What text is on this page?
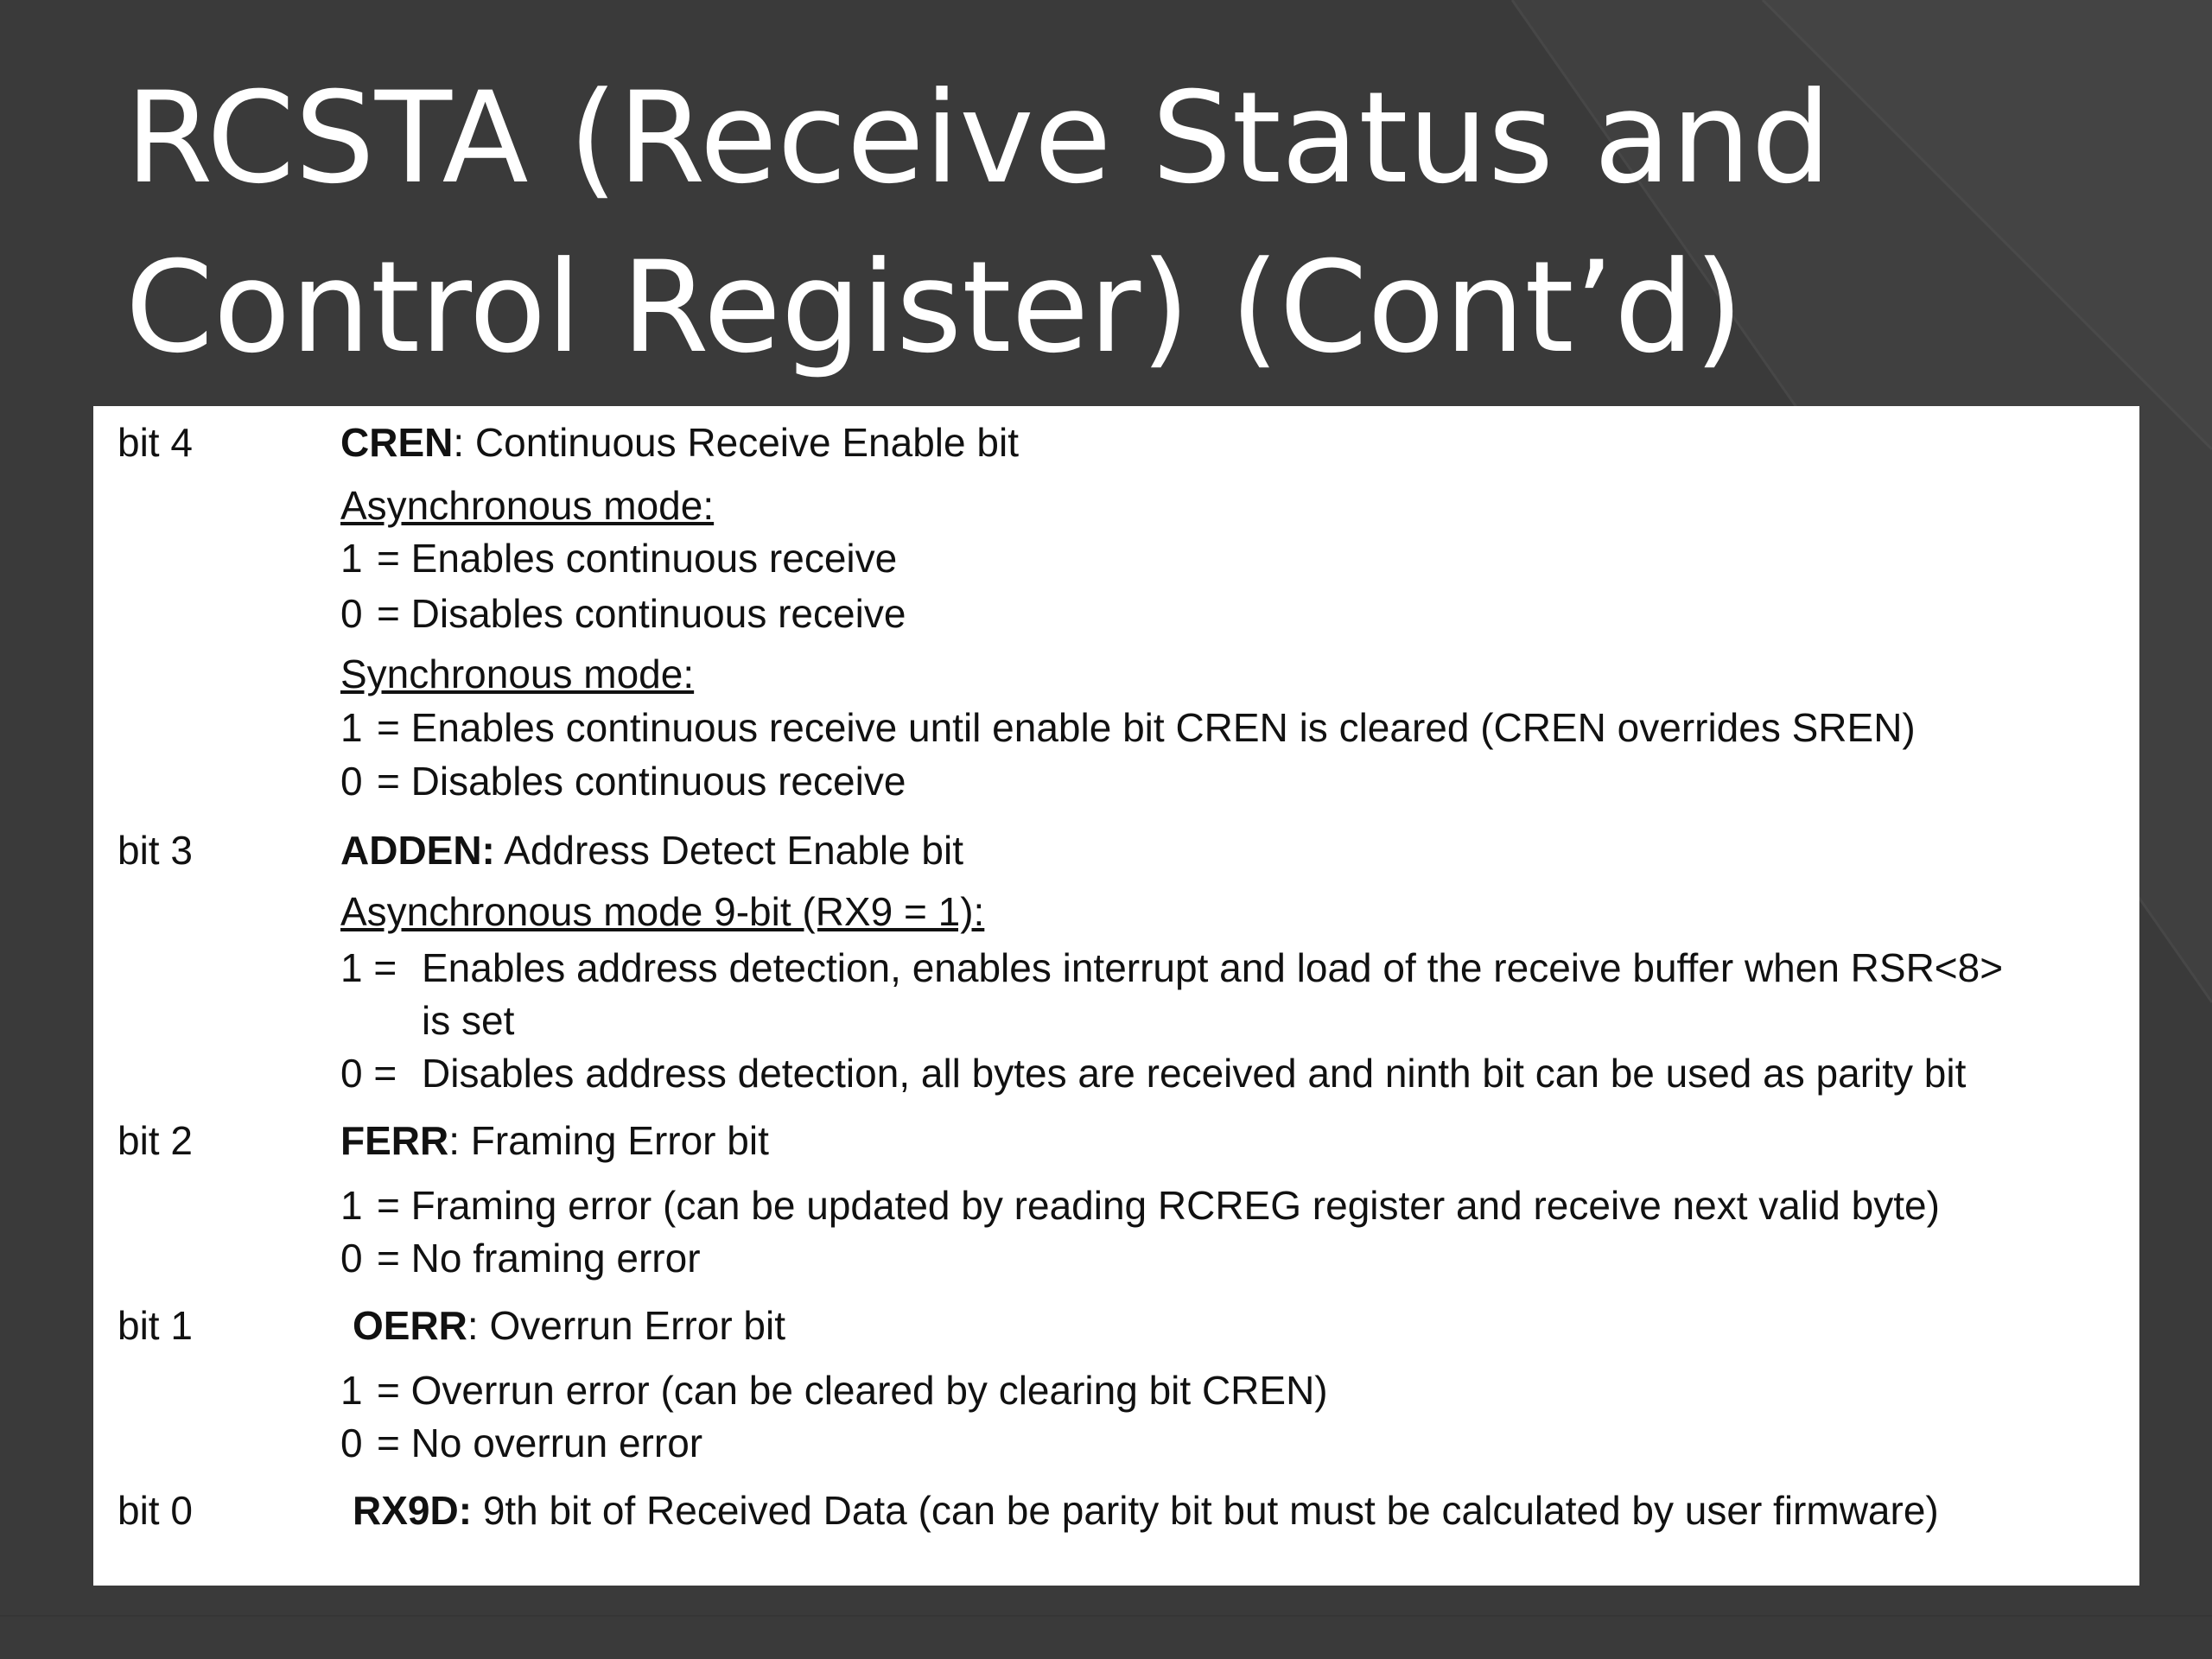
RCSTA (Receive Status and
Control Register) (Cont’d)
bit 4	CREN: Continuous Receive Enable bit
Asynchronous mode:
1 = Enables continuous receive
0 = Disables continuous receive
Synchronous mode:
1 = Enables continuous receive until enable bit CREN is cleared (CREN overrides SREN)
0 = Disables continuous receive
bit 3	ADDEN: Address Detect Enable bit
Asynchronous mode 9-bit (RX9 = 1):
1 = Enables address detection, enables interrupt and load of the receive buffer when RSR<8>
is set
0 = Disables address detection, all bytes are received and ninth bit can be used as parity bit
bit 2	FERR: Framing Error bit
1 = Framing error (can be updated by reading RCREG register and receive next valid byte)
0 = No framing error
bit 1	OERR: Overrun Error bit
1 = Overrun error (can be cleared by clearing bit CREN)
0 = No overrun error
bit 0	RX9D: 9th bit of Received Data (can be parity bit but must be calculated by user firmware)
